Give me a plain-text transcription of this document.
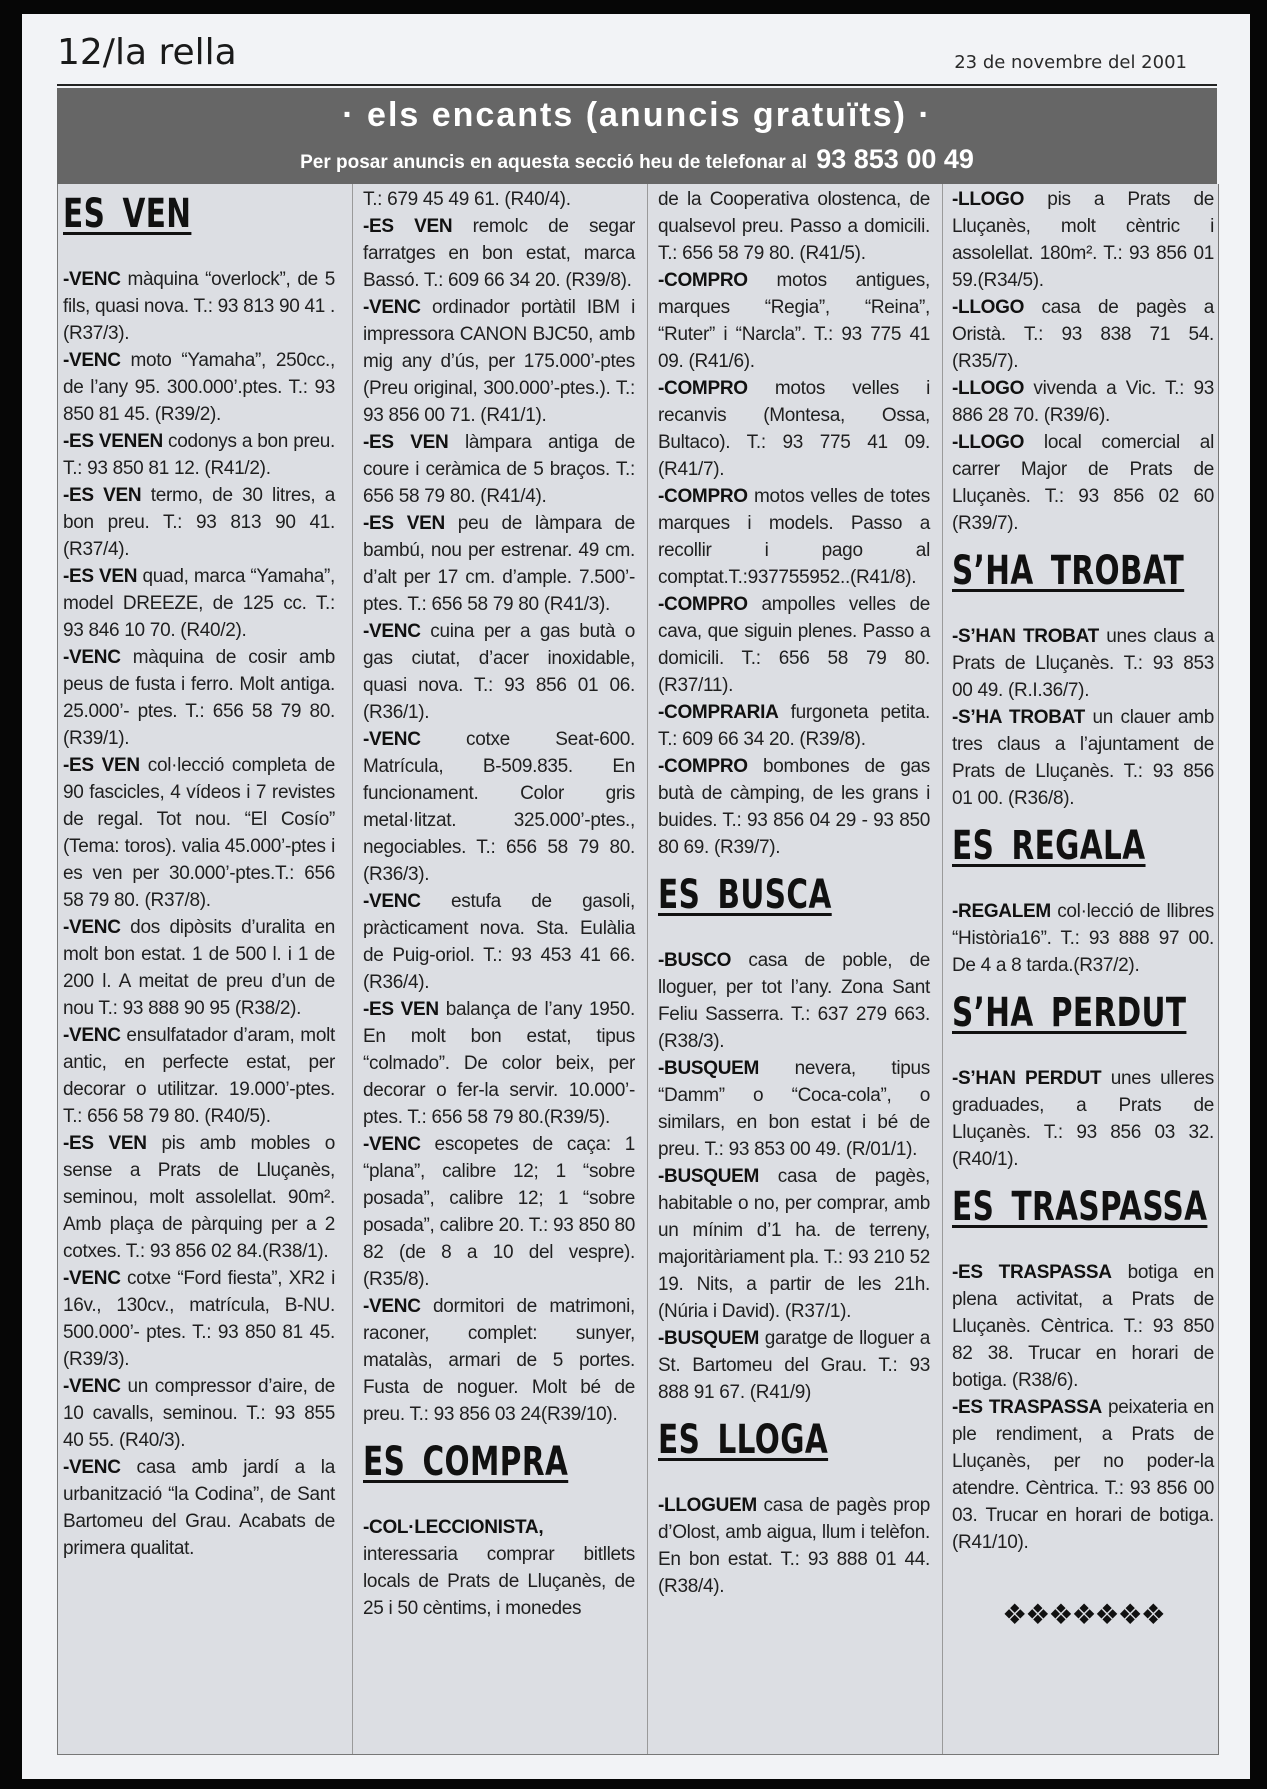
12/la rella	23 de novembre del 2001
· els encants (anuncis gratuïts) ·
Per posar anuncis en aquesta secció heu de telefonar al 93 853 00 49
ES VEN

-VENC màquina “overlock”, de 5 fils, quasi nova. T.: 93 813 90 41 . (R37/3).

-VENC moto “Yamaha”, 250cc., de l’any 95. 300.000’.ptes. T.: 93 850 81 45. (R39/2).

-ES VENEN codonys a bon preu. T.: 93 850 81 12. (R41/2).

-ES VEN termo, de 30 litres, a bon preu. T.: 93 813 90 41. (R37/4).

-ES VEN quad, marca “Yamaha”, model DREEZE, de 125 cc. T.: 93 846 10 70. (R40/2).

-VENC màquina de cosir amb peus de fusta i ferro. Molt antiga. 25.000’- ptes. T.: 656 58 79 80. (R39/1).

-ES VEN col·lecció completa de 90 fascicles, 4 vídeos i 7 revistes de regal. Tot nou. “El Cosío” (Tema: toros). valia 45.000’-ptes i es ven per 30.000’-ptes.T.: 656 58 79 80. (R37/8).

-VENC dos dipòsits d’uralita en molt bon estat. 1 de 500 l. i 1 de 200 l. A meitat de preu d’un de nou T.: 93 888 90 95 (R38/2).

-VENC ensulfatador d’aram, molt antic, en perfecte estat, per decorar o utilitzar. 19.000’-ptes. T.: 656 58 79 80. (R40/5).

-ES VEN pis amb mobles o sense a Prats de Lluçanès, seminou, molt assolellat. 90m². Amb plaça de pàrquing per a 2 cotxes. T.: 93 856 02 84.(R38/1).

-VENC cotxe “Ford fiesta”, XR2 i 16v., 130cv., matrícula, B-NU. 500.000’- ptes. T.: 93 850 81 45. (R39/3).

-VENC un compressor d’aire, de 10 cavalls, seminou. T.: 93 855 40 55. (R40/3).

-VENC casa amb jardí a la urbanització “la Codina”, de Sant Bartomeu del Grau. Acabats de primera qualitat.

T.: 679 45 49 61. (R40/4).

-ES VEN remolc de segar farratges en bon estat, marca Bassó. T.: 609 66 34 20. (R39/8).

-VENC ordinador portàtil IBM i impressora CANON BJC50, amb mig any d’ús, per 175.000’-ptes (Preu original, 300.000’-ptes.). T.: 93 856 00 71. (R41/1).

-ES VEN làmpara antiga de coure i ceràmica de 5 braços. T.: 656 58 79 80. (R41/4).

-ES VEN peu de làmpara de bambú, nou per estrenar. 49 cm. d’alt per 17 cm. d’ample. 7.500’-ptes. T.: 656 58 79 80 (R41/3).

-VENC cuina per a gas butà o gas ciutat, d’acer inoxidable, quasi nova. T.: 93 856 01 06. (R36/1).

-VENC cotxe Seat-600. Matrícula, B-509.835. En funcionament. Color gris metal·litzat. 325.000’-ptes., negociables. T.: 656 58 79 80.(R36/3).

-VENC estufa de gasoli, pràcticament nova. Sta. Eulàlia de Puig-oriol. T.: 93 453 41 66. (R36/4).

-ES VEN balança de l’any 1950. En molt bon estat, tipus “colmado”. De color beix, per decorar o fer-la servir. 10.000’-ptes. T.: 656 58 79 80.(R39/5).

-VENC escopetes de caça: 1 “plana”, calibre 12; 1 “sobre posada”, calibre 12; 1 “sobre posada”, calibre 20. T.: 93 850 80 82 (de 8 a 10 del vespre). (R35/8).

-VENC dormitori de matrimoni, raconer, complet: sunyer, matalàs, armari de 5 portes. Fusta de noguer. Molt bé de preu. T.: 93 856 03 24(R39/10).

ES COMPRA

-COL·LECCIONISTA, interessaria comprar bitllets locals de Prats de Lluçanès, de 25 i 50 cèntims, i monedes

de la Cooperativa olostenca, de qualsevol preu. Passo a domicili. T.: 656 58 79 80. (R41/5).

-COMPRO motos antigues, marques “Regia”, “Reina”, “Ruter” i “Narcla”. T.: 93 775 41 09. (R41/6).

-COMPRO motos velles i recanvis (Montesa, Ossa, Bultaco). T.: 93 775 41 09.(R41/7).

-COMPRO motos velles de totes marques i models. Passo a recollir i pago al comptat.T.:937755952..(R41/8).

-COMPRO ampolles velles de cava, que siguin plenes. Passo a domicili. T.: 656 58 79 80. (R37/11).

-COMPRARIA furgoneta petita. T.: 609 66 34 20. (R39/8).

-COMPRO bombones de gas butà de càmping, de les grans i buides. T.: 93 856 04 29 - 93 850 80 69. (R39/7).

ES BUSCA

-BUSCO casa de poble, de lloguer, per tot l’any. Zona Sant Feliu Sasserra. T.: 637 279 663. (R38/3).

-BUSQUEM nevera, tipus “Damm” o “Coca-cola”, o similars, en bon estat i bé de preu. T.: 93 853 00 49. (R/01/1).

-BUSQUEM casa de pagès, habitable o no, per comprar, amb un mínim d’1 ha. de terreny, majoritàriament pla. T.: 93 210 52 19. Nits, a partir de les 21h. (Núria i David). (R37/1).

-BUSQUEM garatge de lloguer a St. Bartomeu del Grau. T.: 93 888 91 67. (R41/9)

ES LLOGA

-LLOGUEM casa de pagès prop d’Olost, amb aigua, llum i telèfon. En bon estat. T.: 93 888 01 44. (R38/4).

-LLOGO pis a Prats de Lluçanès, molt cèntric i assolellat. 180m². T.: 93 856 01 59.(R34/5).

-LLOGO casa de pagès a Oristà. T.: 93 838 71 54. (R35/7).

-LLOGO vivenda a Vic. T.: 93 886 28 70. (R39/6).

-LLOGO local comercial al carrer Major de Prats de Lluçanès. T.: 93 856 02 60 (R39/7).

S’HA TROBAT

-S’HAN TROBAT unes claus a Prats de Lluçanès. T.: 93 853 00 49. (R.I.36/7).

-S’HA TROBAT un clauer amb tres claus a l’ajuntament de Prats de Lluçanès. T.: 93 856 01 00. (R36/8).

ES REGALA

-REGALEM col·lecció de llibres “Història16”. T.: 93 888 97 00. De 4 a 8 tarda.(R37/2).

S’HA PERDUT

-S’HAN PERDUT unes ulleres graduades, a Prats de Lluçanès. T.: 93 856 03 32. (R40/1).

ES TRASPASSA

-ES TRASPASSA botiga en plena activitat, a Prats de Lluçanès. Cèntrica. T.: 93 850 82 38. Trucar en horari de botiga. (R38/6).

-ES TRASPASSA peixateria en ple rendiment, a Prats de Lluçanès, per no poder-la atendre. Cèntrica. T.: 93 856 00 03. Trucar en horari de botiga. (R41/10).

❖❖❖❖❖❖❖
